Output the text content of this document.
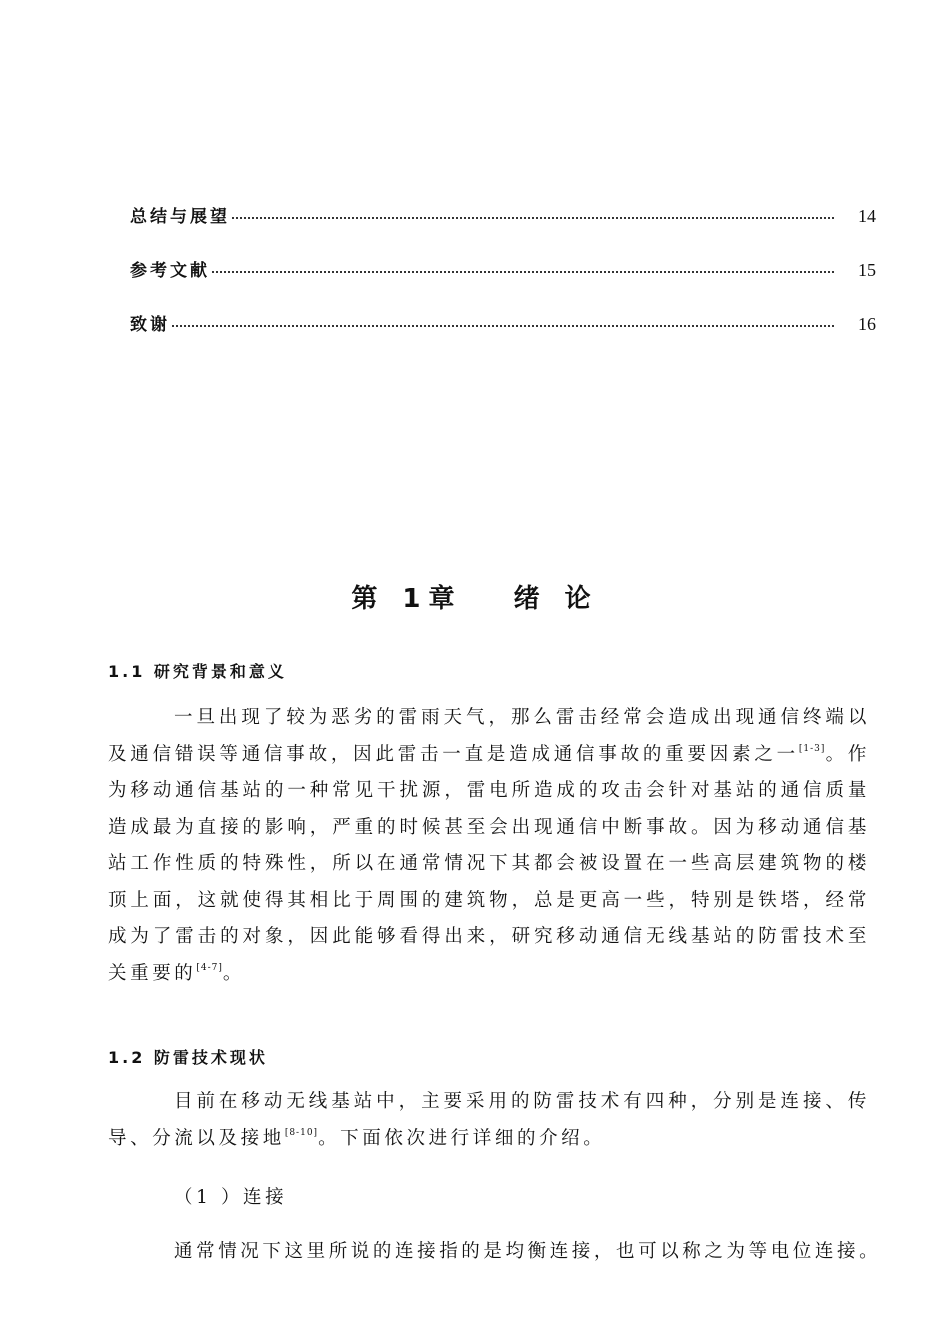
总结与展望	14
参考文献	15
致谢	16
第 1章　 绪 论
1.1 研究背景和意义

一旦出现了较为恶劣的雷雨天气，那么雷击经常会造成出现通信终端以及通信错误等通信事故，因此雷击一直是造成通信事故的重要因素之一[1-3]。作为移动通信基站的一种常见干扰源，雷电所造成的攻击会针对基站的通信质量造成最为直接的影响，严重的时候甚至会出现通信中断事故。因为移动通信基站工作性质的特殊性，所以在通常情况下其都会被设置在一些高层建筑物的楼顶上面，这就使得其相比于周围的建筑物，总是更高一些，特别是铁塔，经常成为了雷击的对象，因此能够看得出来，研究移动通信无线基站的防雷技术至关重要的[4-7]。

1.2 防雷技术现状

目前在移动无线基站中，主要采用的防雷技术有四种，分别是连接、传导、分流以及接地[8-10]。下面依次进行详细的介绍。

（1 ）连接
通常情况下这里所说的连接指的是均衡连接，也可以称之为等电位连接。
